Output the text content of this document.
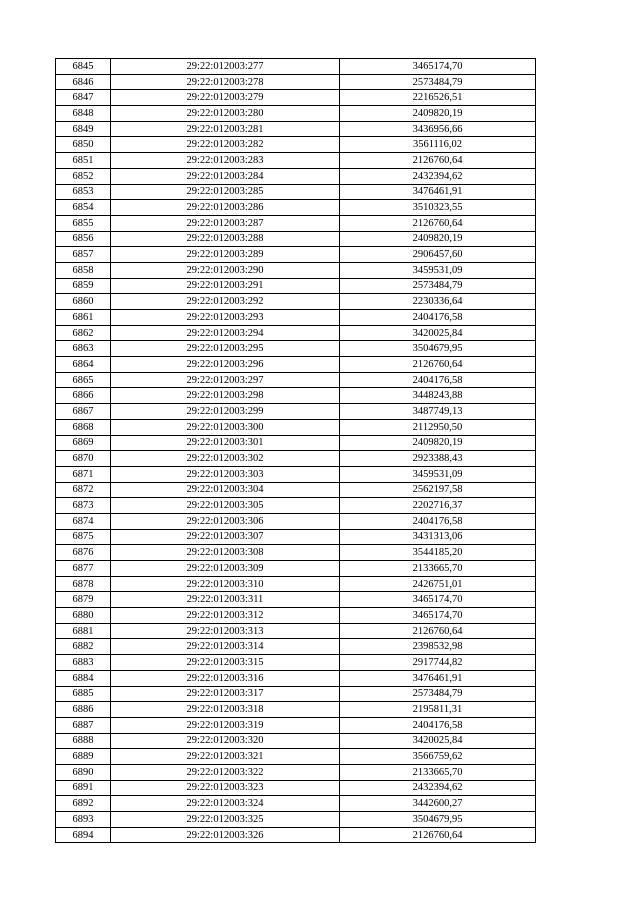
6845	29:22:012003:277	3465174,70
6846	29:22:012003:278	2573484,79
6847	29:22:012003:279	2216526,51
6848	29:22:012003:280	2409820,19
6849	29:22:012003:281	3436956,66
6850	29:22:012003:282	3561116,02
6851	29:22:012003:283	2126760,64
6852	29:22:012003:284	2432394,62
6853	29:22:012003:285	3476461,91
6854	29:22:012003:286	3510323,55
6855	29:22:012003:287	2126760,64
6856	29:22:012003:288	2409820,19
6857	29:22:012003:289	2906457,60
6858	29:22:012003:290	3459531,09
6859	29:22:012003:291	2573484,79
6860	29:22:012003:292	2230336,64
6861	29:22:012003:293	2404176,58
6862	29:22:012003:294	3420025,84
6863	29:22:012003:295	3504679,95
6864	29:22:012003:296	2126760,64
6865	29:22:012003:297	2404176,58
6866	29:22:012003:298	3448243,88
6867	29:22:012003:299	3487749,13
6868	29:22:012003:300	2112950,50
6869	29:22:012003:301	2409820,19
6870	29:22:012003:302	2923388,43
6871	29:22:012003:303	3459531,09
6872	29:22:012003:304	2562197,58
6873	29:22:012003:305	2202716,37
6874	29:22:012003:306	2404176,58
6875	29:22:012003:307	3431313,06
6876	29:22:012003:308	3544185,20
6877	29:22:012003:309	2133665,70
6878	29:22:012003:310	2426751,01
6879	29:22:012003:311	3465174,70
6880	29:22:012003:312	3465174,70
6881	29:22:012003:313	2126760,64
6882	29:22:012003:314	2398532,98
6883	29:22:012003:315	2917744,82
6884	29:22:012003:316	3476461,91
6885	29:22:012003:317	2573484,79
6886	29:22:012003:318	2195811,31
6887	29:22:012003:319	2404176,58
6888	29:22:012003:320	3420025,84
6889	29:22:012003:321	3566759,62
6890	29:22:012003:322	2133665,70
6891	29:22:012003:323	2432394,62
6892	29:22:012003:324	3442600,27
6893	29:22:012003:325	3504679,95
6894	29:22:012003:326	2126760,64
